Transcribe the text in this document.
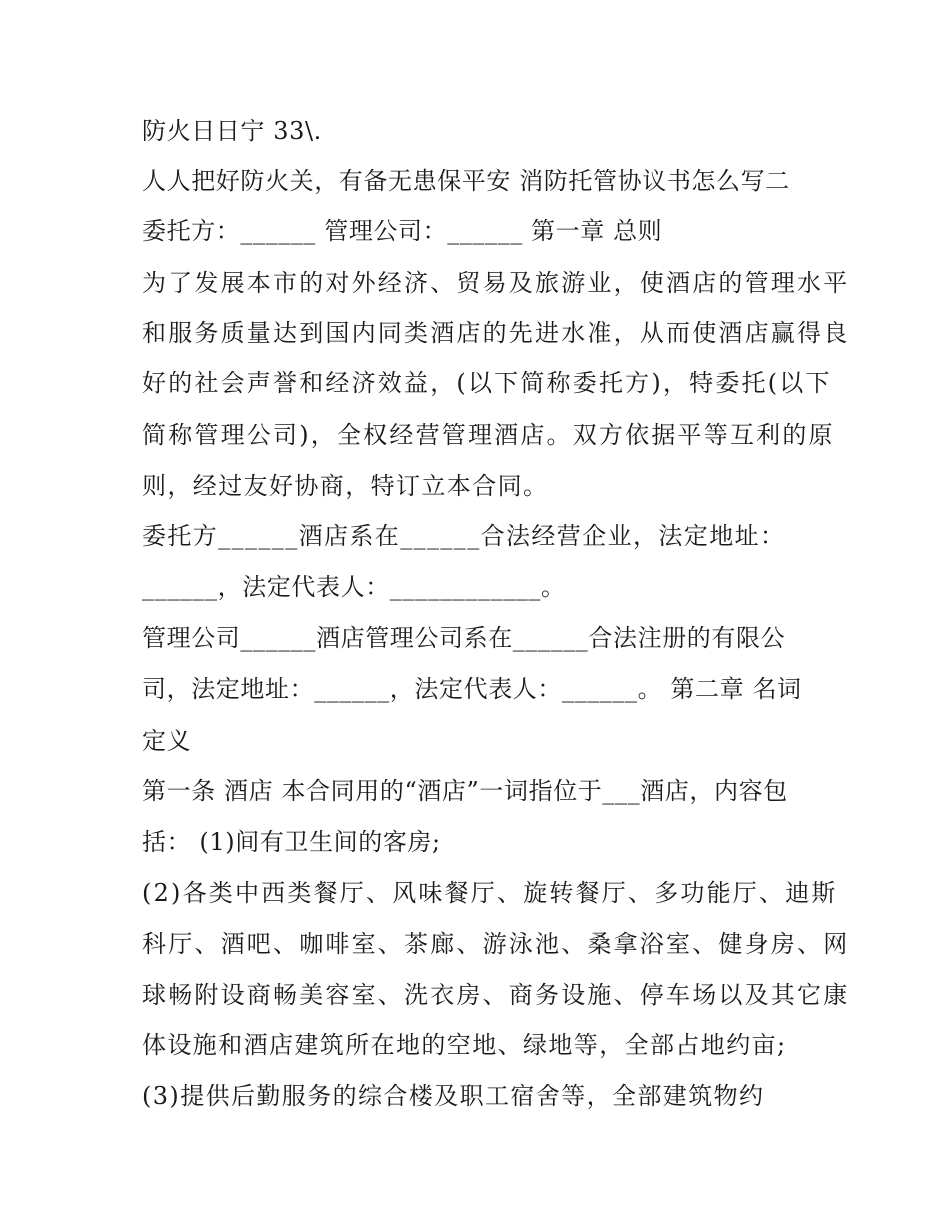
防火日日宁 33\.
人人把好防火关，有备无患保平安 消防托管协议书怎么写二
委托方：______ 管理公司：______ 第一章 总则
为了发展本市的对外经济、贸易及旅游业，使酒店的管理水平
和服务质量达到国内同类酒店的先进水准，从而使酒店赢得良
好的社会声誉和经济效益，(以下简称委托方)，特委托(以下
简称管理公司)，全权经营管理酒店。双方依据平等互利的原
则，经过友好协商，特订立本合同。
委托方______酒店系在______合法经营企业，法定地址：
______，法定代表人：____________。
管理公司______酒店管理公司系在______合法注册的有限公
司，法定地址：______，法定代表人：______。 第二章 名词
定义
第一条 酒店 本合同用的“酒店”一词指位于___酒店，内容包
括： (1)间有卫生间的客房;
(2)各类中西类餐厅、风味餐厅、旋转餐厅、多功能厅、迪斯
科厅、酒吧、咖啡室、茶廊、游泳池、桑拿浴室、健身房、网
球畅附设商畅美容室、洗衣房、商务设施、停车场以及其它康
体设施和酒店建筑所在地的空地、绿地等，全部占地约亩;
(3)提供后勤服务的综合楼及职工宿舍等，全部建筑物约
